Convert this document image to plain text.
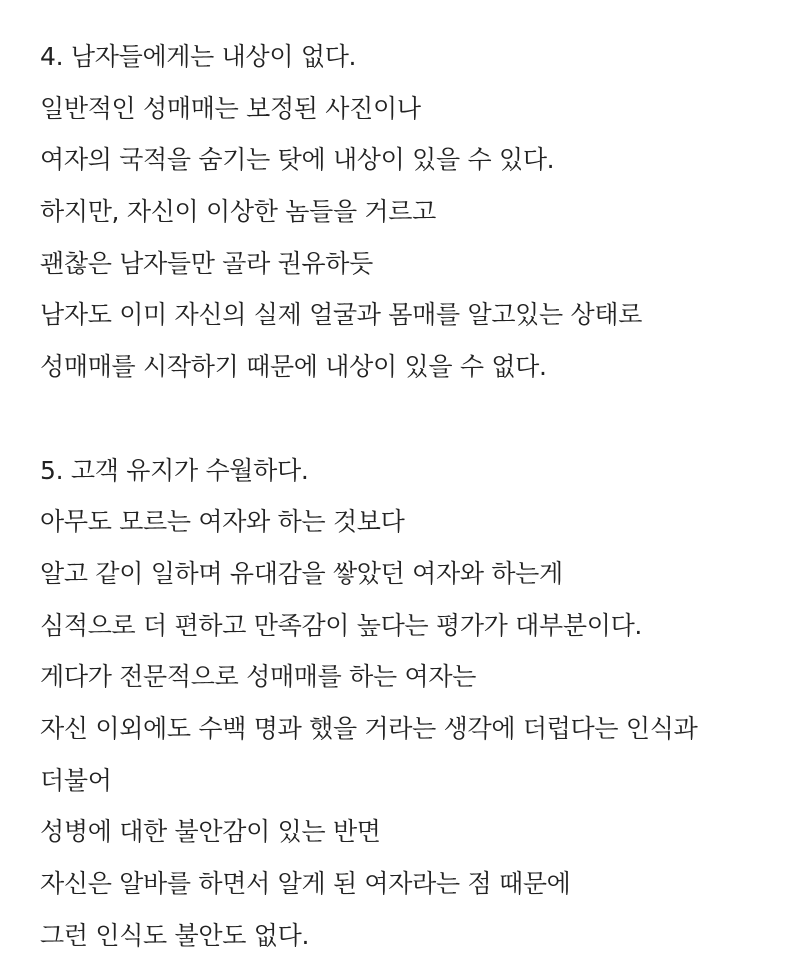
4. 남자들에게는 내상이 없다.
일반적인 성매매는 보정된 사진이나
여자의 국적을 숨기는 탓에 내상이 있을 수 있다.
하지만, 자신이 이상한 놈들을 거르고
괜찮은 남자들만 골라 권유하듯
남자도 이미 자신의 실제 얼굴과 몸매를 알고있는 상태로
성매매를 시작하기 때문에 내상이 있을 수 없다.
5. 고객 유지가 수월하다.
아무도 모르는 여자와 하는 것보다
알고 같이 일하며 유대감을 쌓았던 여자와 하는게
심적으로 더 편하고 만족감이 높다는 평가가 대부분이다.
게다가 전문적으로 성매매를 하는 여자는
자신 이외에도 수백 명과 했을 거라는 생각에 더럽다는 인식과
더불어
성병에 대한 불안감이 있는 반면
자신은 알바를 하면서 알게 된 여자라는 점 때문에
그런 인식도 불안도 없다.
